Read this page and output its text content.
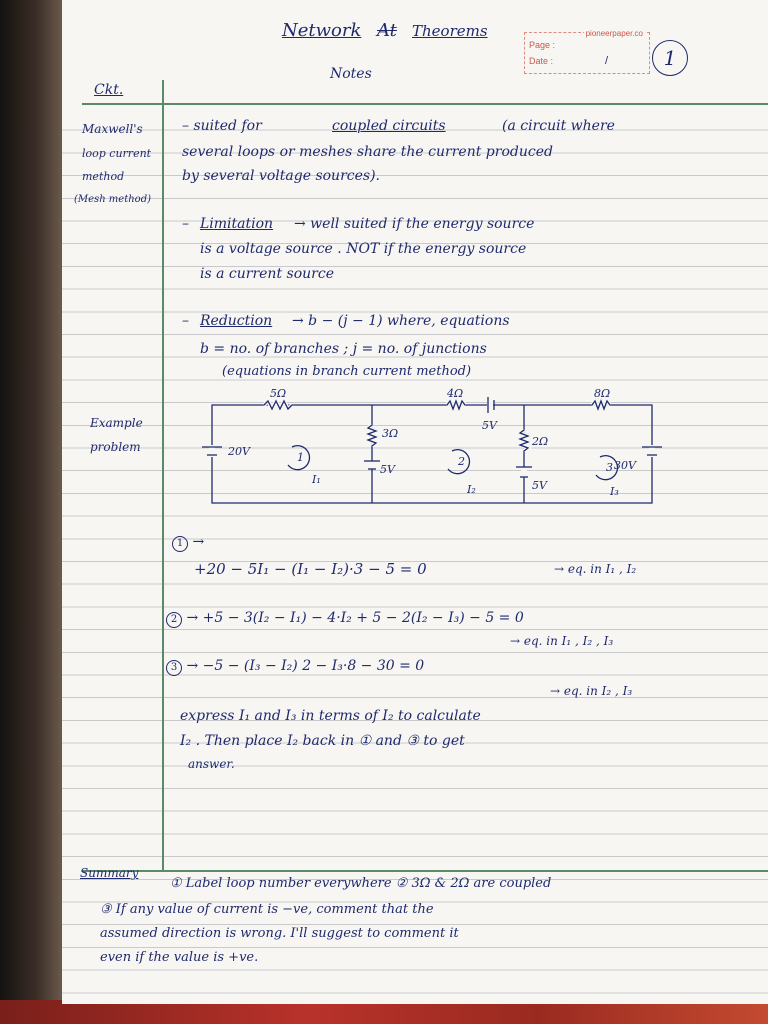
Network At Theorems
Notes
pioneerpaper.co
Page :
Date :	/	1
Ckt.
Maxwell's
loop current
method
(Mesh method)
Example
problem
Summary
– suited for	coupled circuits	(a circuit where
several loops or meshes share the current produced
by several voltage sources).
– Limitation → well suited if the energy source
is a voltage source . NOT if the energy source
is a current source
– Reduction → b − (j − 1) where, equations
b = no. of branches ; j = no. of junctions
(equations in branch current method)
5Ω	4Ω	8Ω
3Ω
2Ω
20V
5V
5V
5V
30V
1	2	3
I₁
I₂	I₃
1 →
+20 − 5I₁ − (I₁ − I₂)·3 − 5 = 0	→ eq. in I₁ , I₂
2 → +5 − 3(I₂ − I₁) − 4·I₂ + 5 − 2(I₂ − I₃) − 5 = 0
→ eq. in I₁ , I₂ , I₃
3 → −5 − (I₃ − I₂) 2 − I₃·8 − 30 = 0
→ eq. in I₂ , I₃
express I₁ and I₃ in terms of I₂ to calculate
I₂ . Then place I₂ back in ① and ③ to get
answer.
① Label loop number everywhere ② 3Ω & 2Ω are coupled
③ If any value of current is −ve, comment that the
assumed direction is wrong. I'll suggest to comment it
even if the value is +ve.
